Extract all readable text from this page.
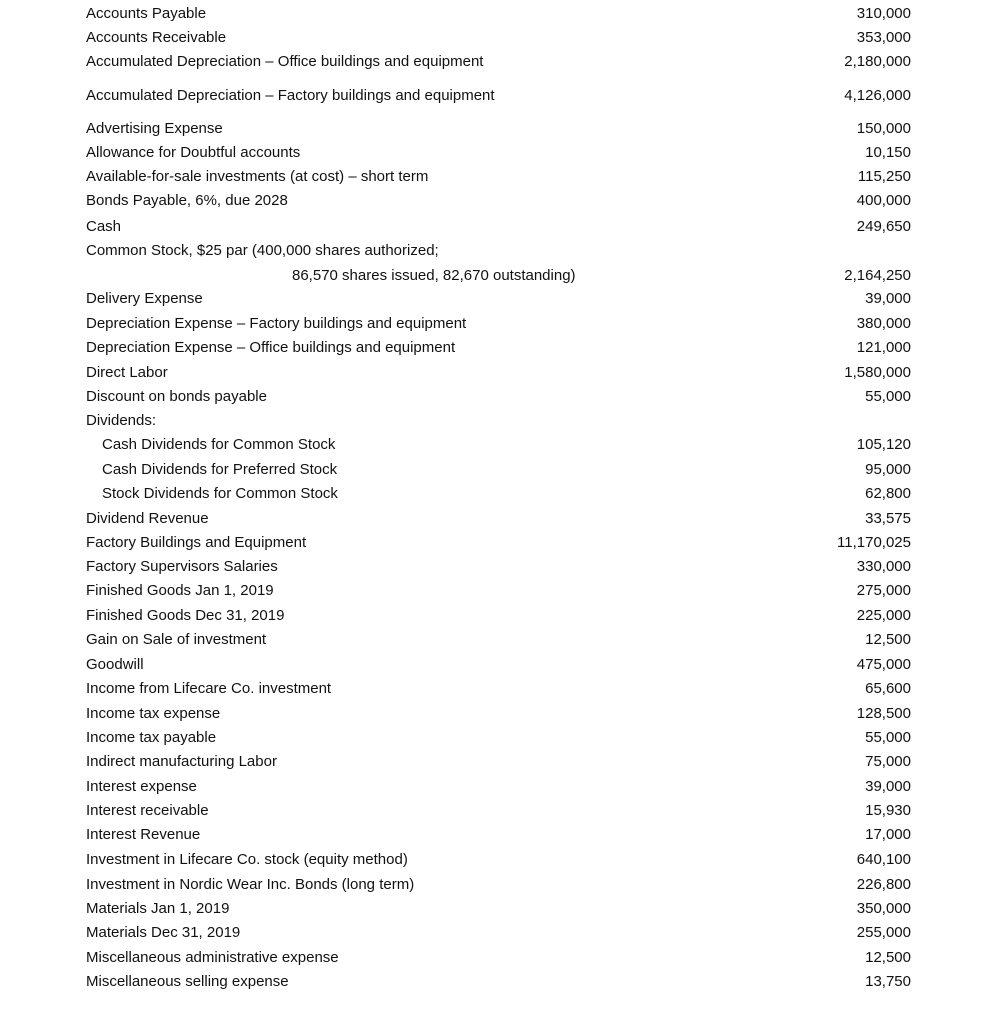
Accounts Payable	310,000
Accounts Receivable	353,000
Accumulated Depreciation – Office buildings and equipment	2,180,000
Accumulated Depreciation – Factory buildings and equipment	4,126,000
Advertising Expense	150,000
Allowance for Doubtful accounts	10,150
Available-for-sale investments (at cost) – short term	115,250
Bonds Payable, 6%, due 2028	400,000
Cash	249,650
Common Stock, $25 par (400,000 shares authorized;
86,570 shares issued, 82,670 outstanding)	2,164,250
Delivery Expense	39,000
Depreciation Expense – Factory buildings and equipment	380,000
Depreciation Expense – Office buildings and equipment	121,000
Direct Labor	1,580,000
Discount on bonds payable	55,000
Dividends:
Cash Dividends for Common Stock	105,120
Cash Dividends for Preferred Stock	95,000
Stock Dividends for Common Stock	62,800
Dividend Revenue	33,575
Factory Buildings and Equipment	11,170,025
Factory Supervisors Salaries	330,000
Finished Goods Jan 1, 2019	275,000
Finished Goods Dec 31, 2019	225,000
Gain on Sale of investment	12,500
Goodwill	475,000
Income from Lifecare Co. investment	65,600
Income tax expense	128,500
Income tax payable	55,000
Indirect manufacturing Labor	75,000
Interest expense	39,000
Interest receivable	15,930
Interest Revenue	17,000
Investment in Lifecare Co. stock (equity method)	640,100
Investment in Nordic Wear Inc. Bonds (long term)	226,800
Materials Jan 1, 2019	350,000
Materials Dec 31, 2019	255,000
Miscellaneous administrative expense	12,500
Miscellaneous selling expense	13,750
